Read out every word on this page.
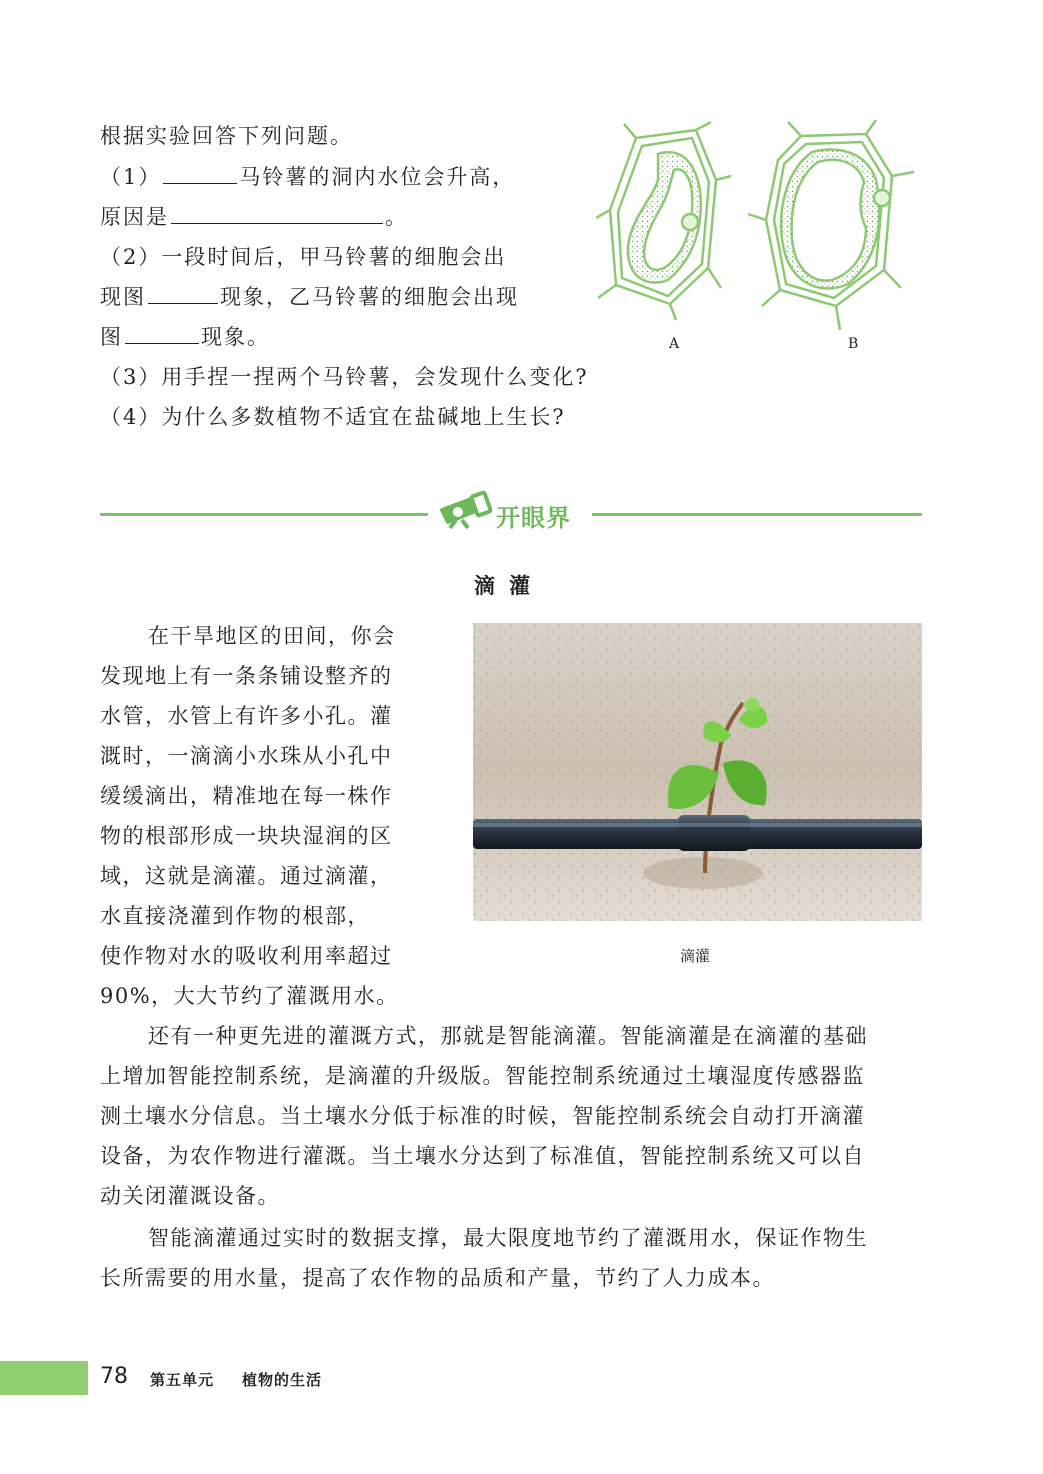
根据实验回答下列问题。
（1）	马铃薯的洞内水位会升高，
原因是	。
（2）一段时间后，甲马铃薯的细胞会出
现图	现象，乙马铃薯的细胞会出现
图	现象。
（3）用手捏一捏两个马铃薯，会发现什么变化?
（4）为什么多数植物不适宜在盐碱地上生长?
A	B
开眼界
滴灌
在干旱地区的田间，你会
发现地上有一条条铺设整齐的
水管，水管上有许多小孔。灌
溉时，一滴滴小水珠从小孔中
缓缓滴出，精准地在每一株作
物的根部形成一块块湿润的区
域，这就是滴灌。通过滴灌，
水直接浇灌到作物的根部，
使作物对水的吸收利用率超过
90%，大大节约了灌溉用水。
滴灌
还有一种更先进的灌溉方式，那就是智能滴灌。智能滴灌是在滴灌的基础
上增加智能控制系统，是滴灌的升级版。智能控制系统通过土壤湿度传感器监
测土壤水分信息。当土壤水分低于标准的时候，智能控制系统会自动打开滴灌
设备，为农作物进行灌溉。当土壤水分达到了标准值，智能控制系统又可以自
动关闭灌溉设备。
智能滴灌通过实时的数据支撑，最大限度地节约了灌溉用水，保证作物生
长所需要的用水量，提高了农作物的品质和产量，节约了人力成本。
78 第五单元 植物的生活
